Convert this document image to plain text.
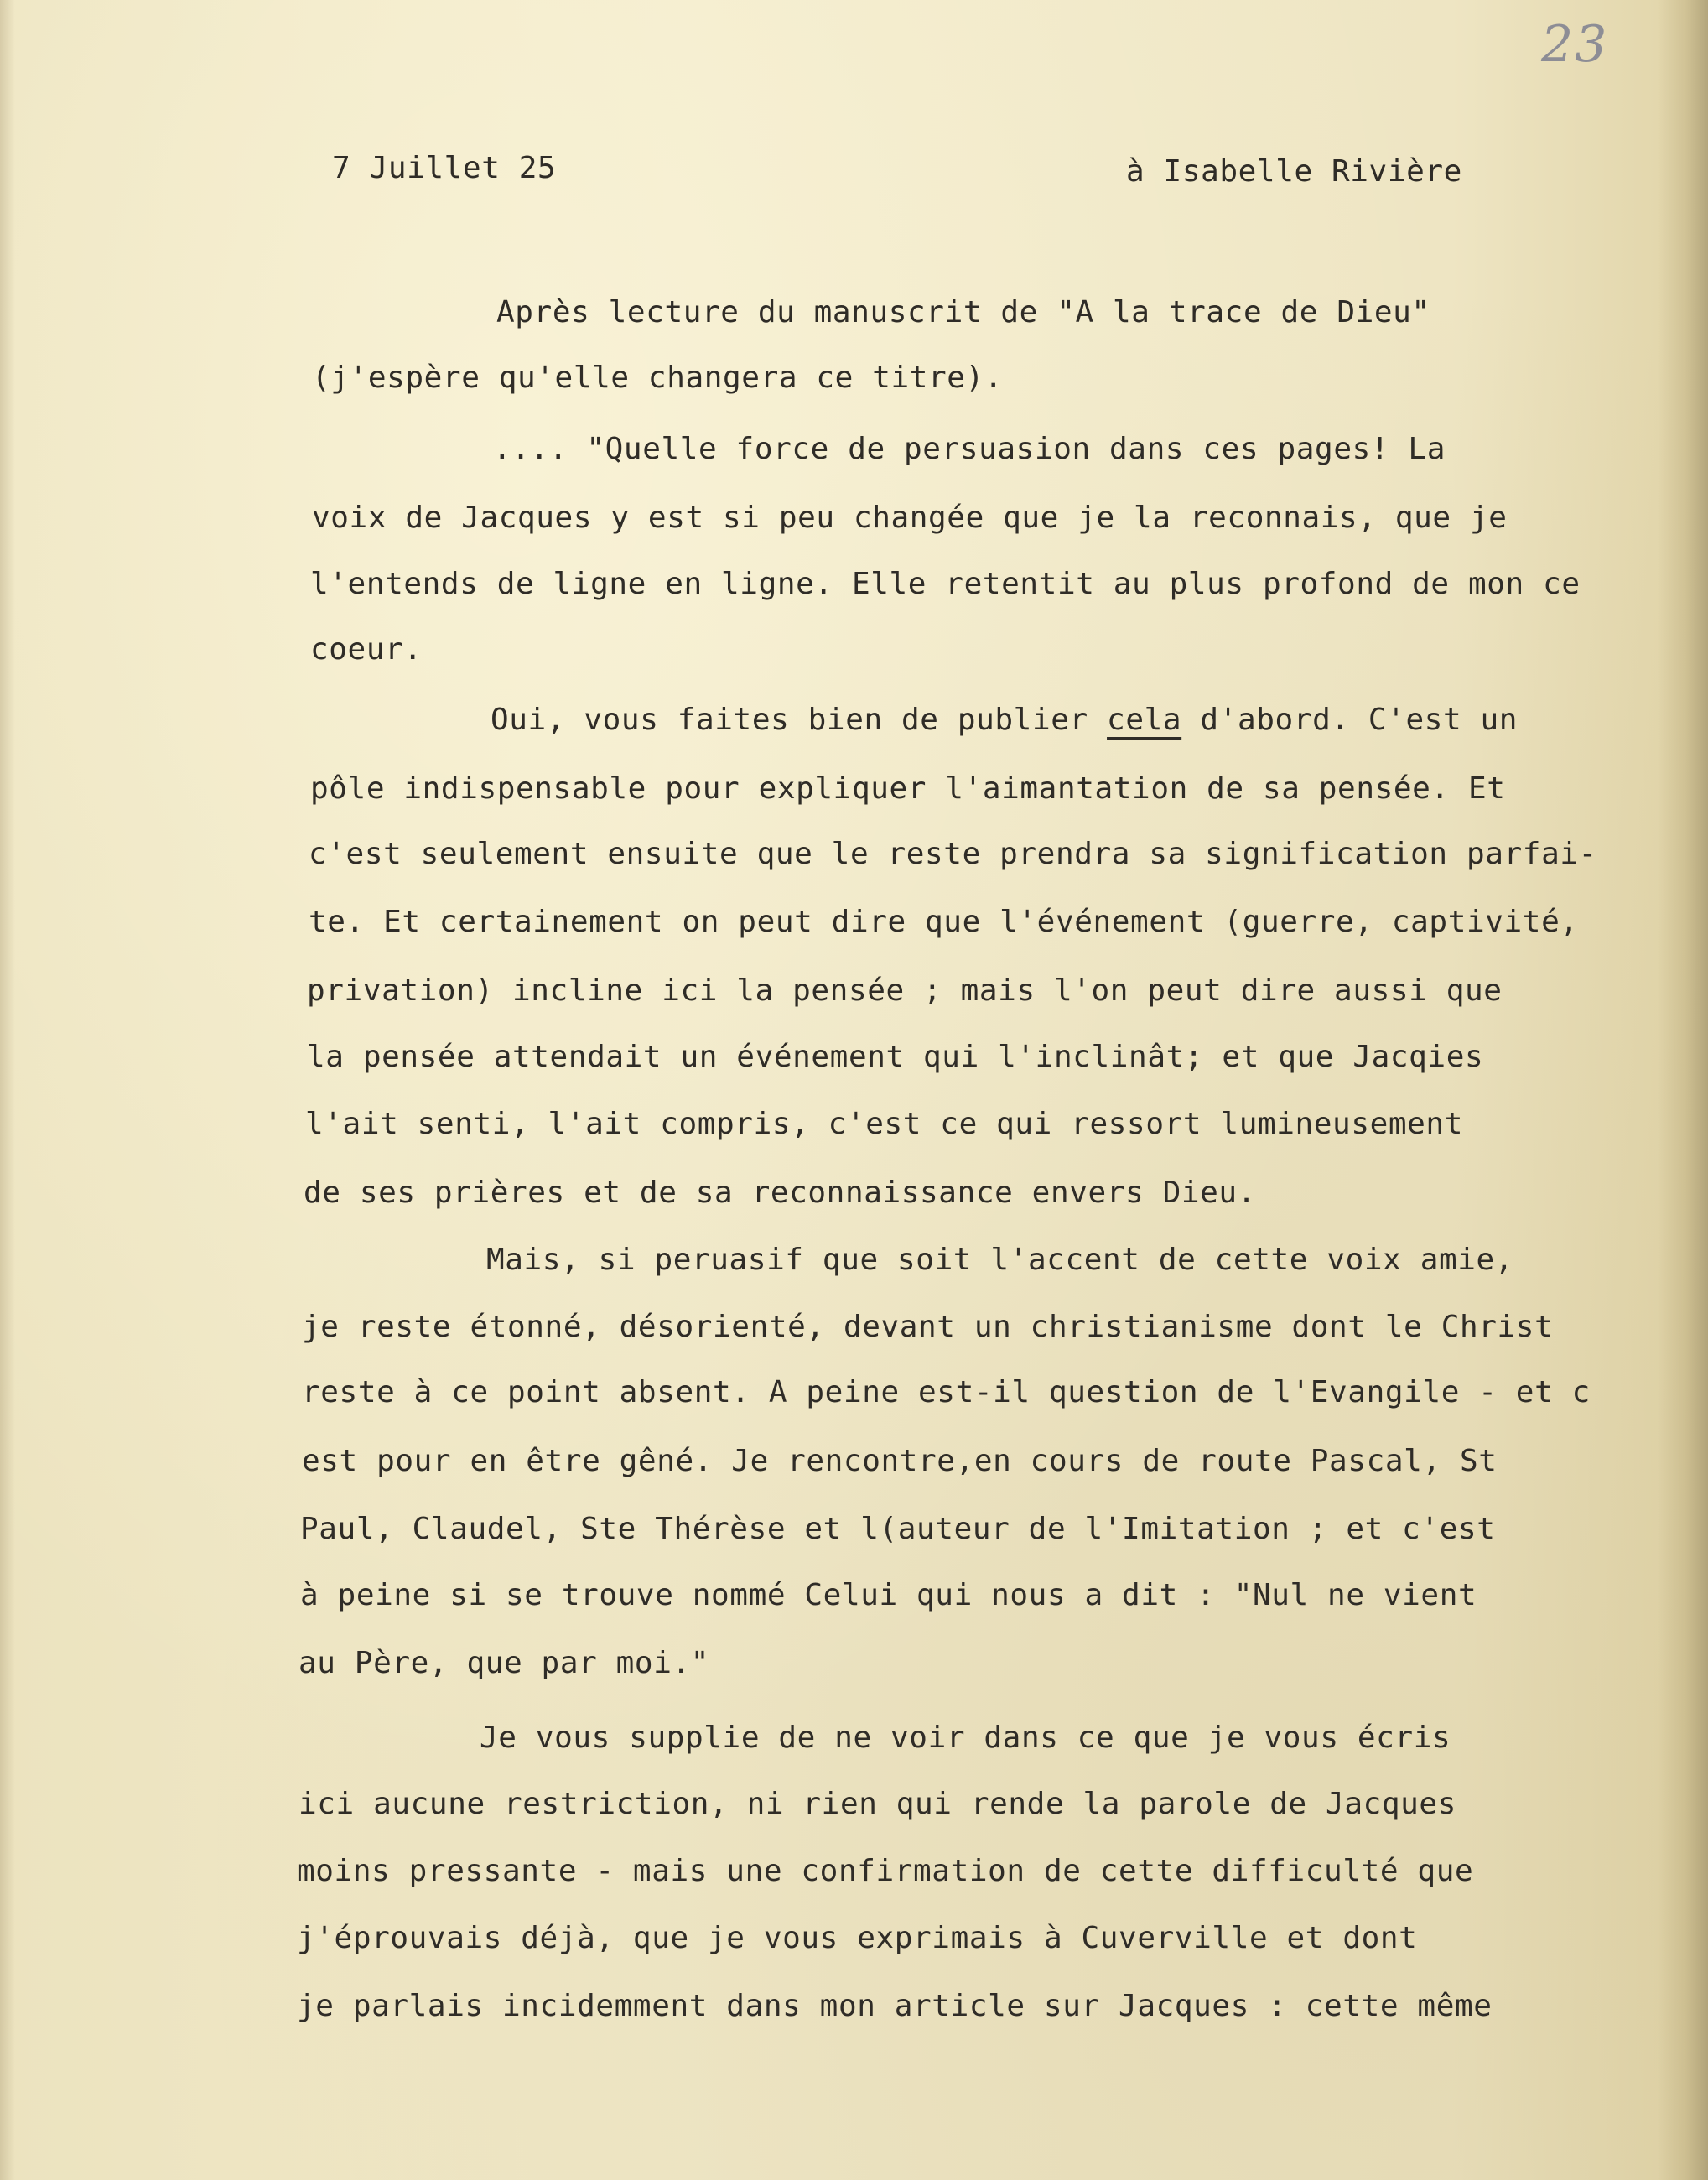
23
7 Juillet 25	à Isabelle Rivière
Après lecture du manuscrit de "A la trace de Dieu"
(j'espère qu'elle changera ce titre).
.... "Quelle force de persuasion dans ces pages! La
voix de Jacques y est si peu changée que je la reconnais, que je
l'entends de ligne en ligne. Elle retentit au plus profond de mon ce
coeur.
Oui, vous faites bien de publier cela d'abord. C'est un
pôle indispensable pour expliquer l'aimantation de sa pensée. Et
c'est seulement ensuite que le reste prendra sa signification parfai-
te. Et certainement on peut dire que l'événement (guerre, captivité,
privation) incline ici la pensée ; mais l'on peut dire aussi que
la pensée attendait un événement qui l'inclinât; et que Jacqies
l'ait senti, l'ait compris, c'est ce qui ressort lumineusement
de ses prières et de sa reconnaissance envers Dieu.
Mais, si peruasif que soit l'accent de cette voix amie,
je reste étonné, désorienté, devant un christianisme dont le Christ
reste à ce point absent. A peine est-il question de l'Evangile - et c
est pour en être gêné. Je rencontre,en cours de route Pascal, St
Paul, Claudel, Ste Thérèse et l(auteur de l'Imitation ; et c'est
à peine si se trouve nommé Celui qui nous a dit : "Nul ne vient
au Père, que par moi."
Je vous supplie de ne voir dans ce que je vous écris
ici aucune restriction, ni rien qui rende la parole de Jacques
moins pressante - mais une confirmation de cette difficulté que
j'éprouvais déjà, que je vous exprimais à Cuverville et dont
je parlais incidemment dans mon article sur Jacques : cette même
